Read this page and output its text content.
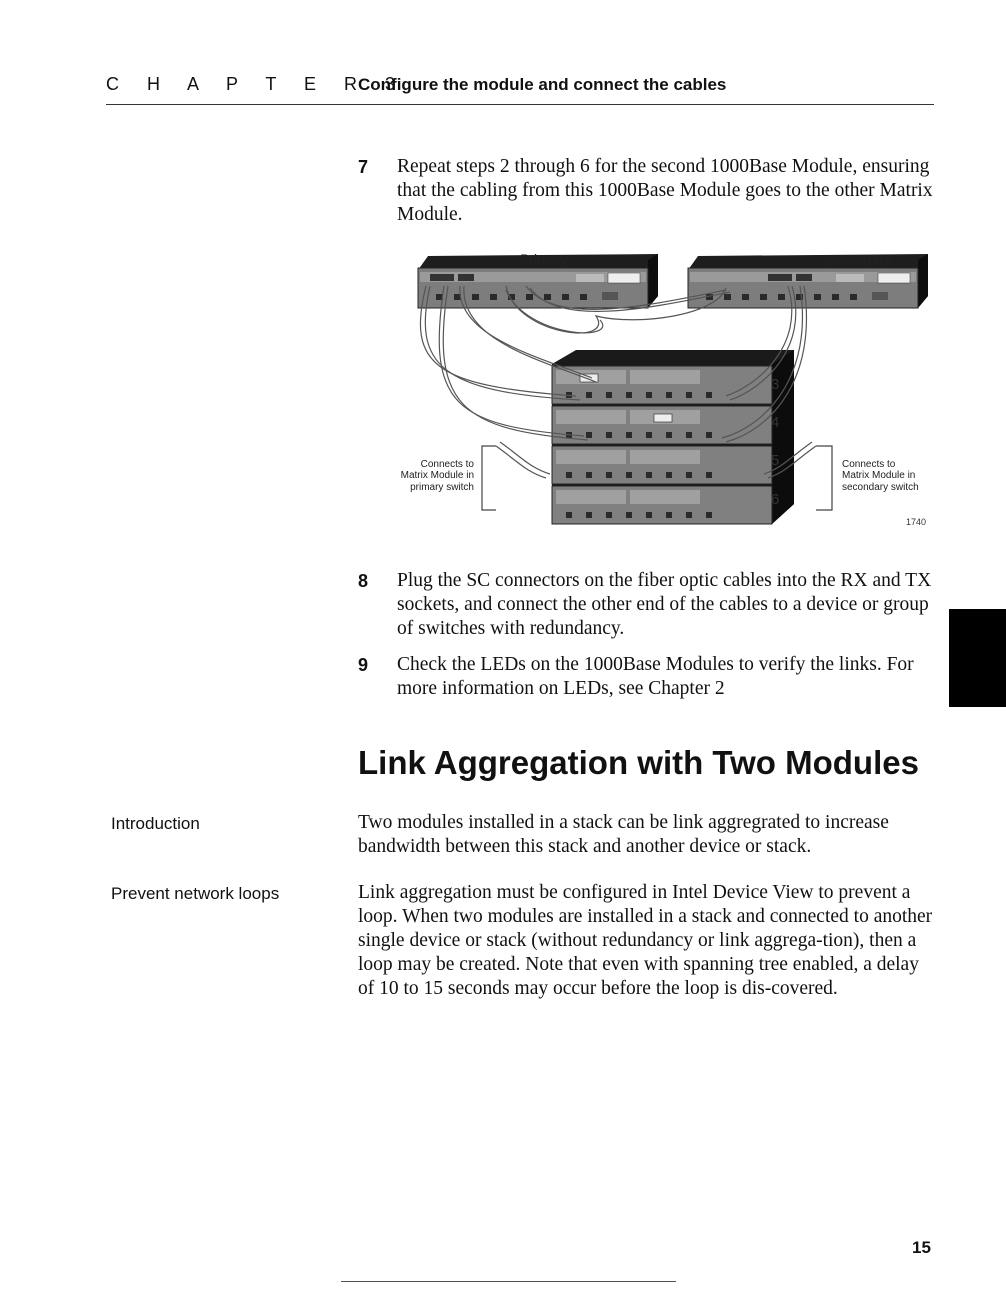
C H A P T E R 3
Configure the module and connect the cables
7 Repeat steps 2 through 6 for the second 1000Base Module, ensuring that the cabling from this 1000Base Module goes to the other Matrix Module.
Primary	Secondary
3
4
5
6
Connects to
Matrix Module in
primary switch
Connects to
Matrix Module in
secondary switch
1740
8 Plug the SC connectors on the fiber optic cables into the RX and TX sockets, and connect the other end of the cables to a device or group of switches with redundancy.
9 Check the LEDs on the 1000Base Modules to verify the links. For more information on LEDs, see Chapter 2
Link Aggregation with Two Modules
Introduction	Two modules installed in a stack can be link aggregrated to increase bandwidth between this stack and another device or stack.
Prevent network loops	Link aggregation must be configured in Intel Device View to prevent a loop. When two modules are installed in a stack and connected to another single device or stack (without redundancy or link aggrega-tion), then a loop may be created. Note that even with spanning tree enabled, a delay of 10 to 15 seconds may occur before the loop is dis-covered.
15
